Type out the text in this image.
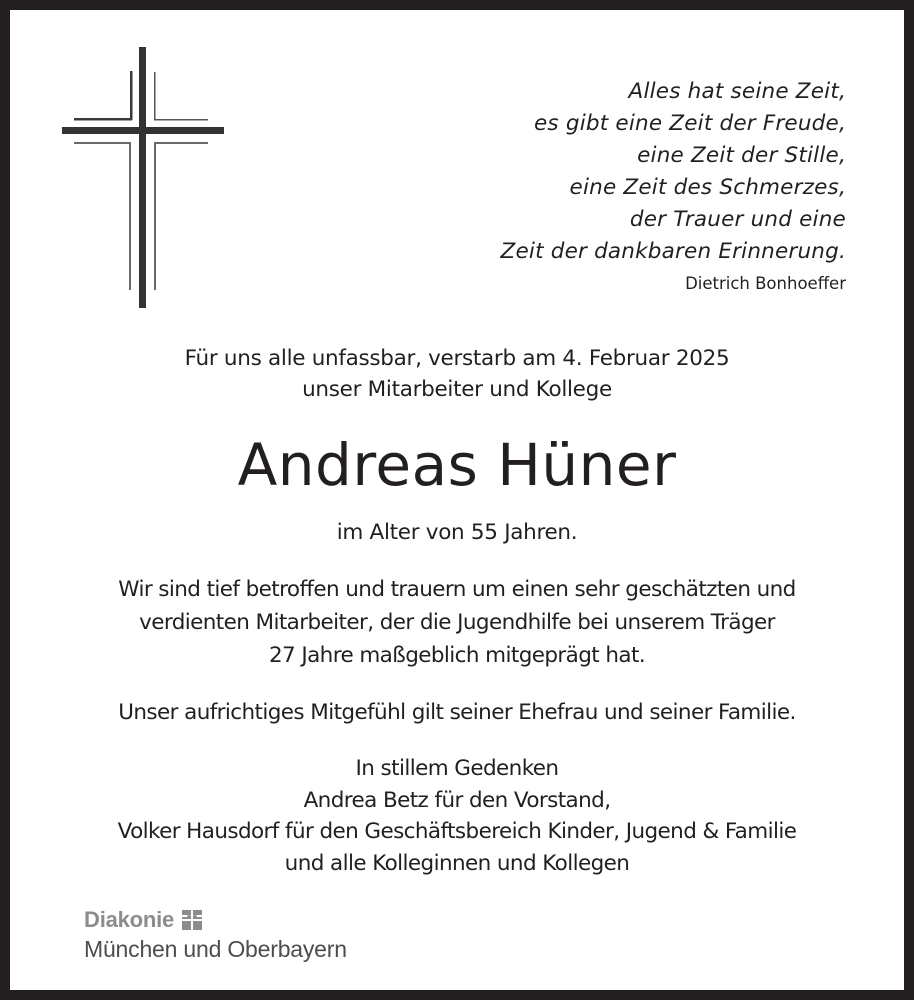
Alles hat seine Zeit,
es gibt eine Zeit der Freude,
eine Zeit der Stille,
eine Zeit des Schmerzes,
der Trauer und eine
Zeit der dankbaren Erinnerung.
Dietrich Bonhoeffer
Für uns alle unfassbar, verstarb am 4. Februar 2025
unser Mitarbeiter und Kollege
Andreas Hüner
im Alter von 55 Jahren.
Wir sind tief betroffen und trauern um einen sehr geschätzten und
verdienten Mitarbeiter, der die Jugendhilfe bei unserem Träger
27 Jahre maßgeblich mitgeprägt hat.
Unser aufrichtiges Mitgefühl gilt seiner Ehefrau und seiner Familie.
In stillem Gedenken
Andrea Betz für den Vorstand,
Volker Hausdorf für den Geschäftsbereich Kinder, Jugend & Familie
und alle Kolleginnen und Kollegen
Diakonie
München und Oberbayern
